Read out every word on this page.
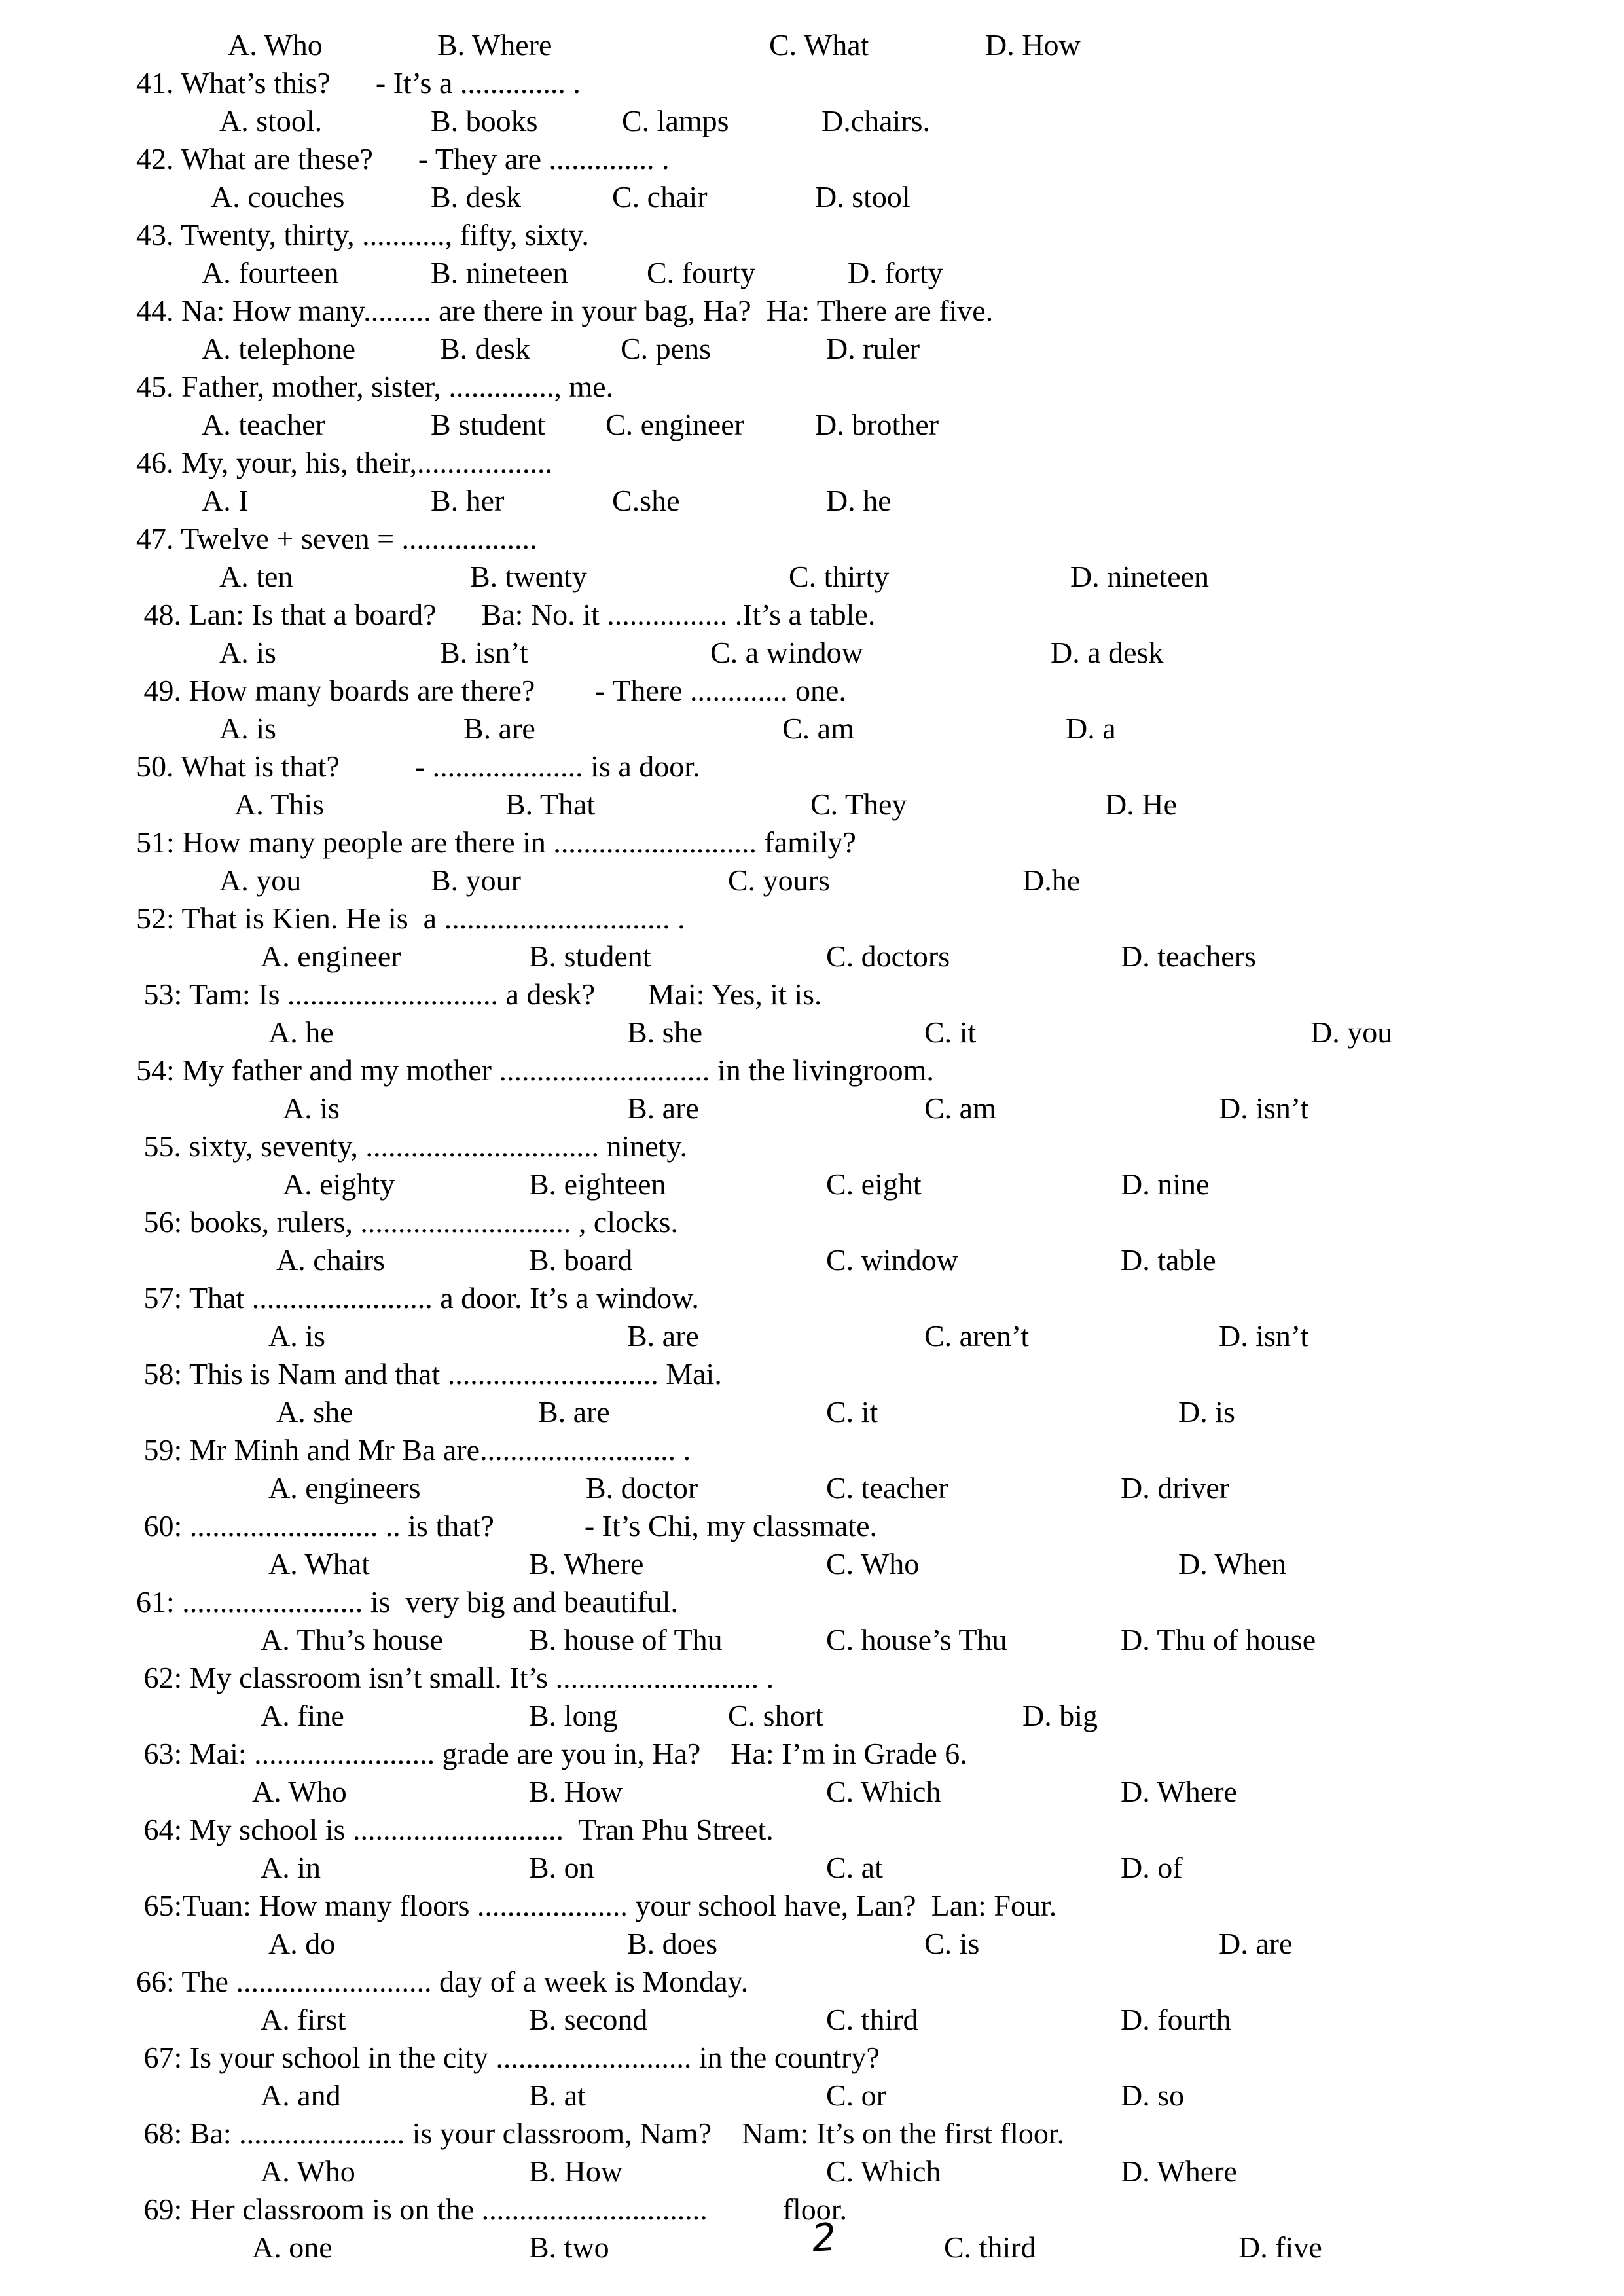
A. Who	B. Where	C. What	D. How
41. What’s this?      - It’s a .............. .
A. stool.	B. books	C. lamps	D.chairs.
42. What are these?      - They are .............. .
A. couches	B. desk	C. chair	D. stool
43. Twenty, thirty, ..........., fifty, sixty.
A. fourteen	B. nineteen	C. fourty	D. forty
44. Na: How many......... are there in your bag, Ha?  Ha: There are five.
A. telephone	B. desk	C. pens	D. ruler
45. Father, mother, sister, .............., me.
A. teacher	B student C. engineer D. brother
46. My, your, his, their,..................
A. I	B. her	C.she	D. he
47. Twelve + seven = ..................
A. ten	B. twenty	C. thirty	D. nineteen
48. Lan: Is that a board?      Ba: No. it ................ .It’s a table.
A. is	B. isn’t	C. a window	D. a desk
49. How many boards are there?        - There ............. one.
A. is	B. are	C. am	D. a
50. What is that?          - .................... is a door.
A. This	B. That	C. They	D. He
51: How many people are there in ........................... family?
A. you	B. your	C. yours	D.he
52: That is Kien. He is  a .............................. .
A. engineer	B. student	C. doctors	D. teachers
53: Tam: Is ............................ a desk?       Mai: Yes, it is.
A. he	B. she	C. it	D. you
54: My father and my mother ............................ in the livingroom.
A. is	B. are	C. am	D. isn’t
55. sixty, seventy, ............................... ninety.
A. eighty	B. eighteen	C. eight	D. nine
56: books, rulers, ............................ , clocks.
A. chairs	B. board	C. window	D. table
57: That ........................ a door. It’s a window.
A. is	B. are	C. aren’t	D. isn’t
58: This is Nam and that ............................ Mai.
A. she	B. are	C. it	D. is
59: Mr Minh and Mr Ba are.......................... .
A. engineers	B. doctor	C. teacher	D. driver
60: ......................... .. is that?            - It’s Chi, my classmate.
A. What	B. Where	C. Who	D. When
61: ........................ is  very big and beautiful.
A. Thu’s house	B. house of Thu	C. house’s Thu	D. Thu of house
62: My classroom isn’t small. It’s ........................... .
A. fine	B. long	C. short	D. big
63: Mai: ........................ grade are you in, Ha?    Ha: I’m in Grade 6.
A. Who	B. How	C. Which	D. Where
64: My school is ............................  Tran Phu Street.
A. in	B. on	C. at	D. of
65:Tuan: How many floors .................... your school have, Lan?  Lan: Four.
A. do	B. does	C. is	D. are
66: The .......................... day of a week is Monday.
A. first	B. second	C. third	D. fourth
67: Is your school in the city .......................... in the country?
A. and	B. at	C. or	D. so
68: Ba: ...................... is your classroom, Nam?    Nam: It’s on the first floor.
A. Who	B. How	C. Which	D. Where
69: Her classroom is on the ..............................          floor.
A. one	B. two	C. third	D. five
2
